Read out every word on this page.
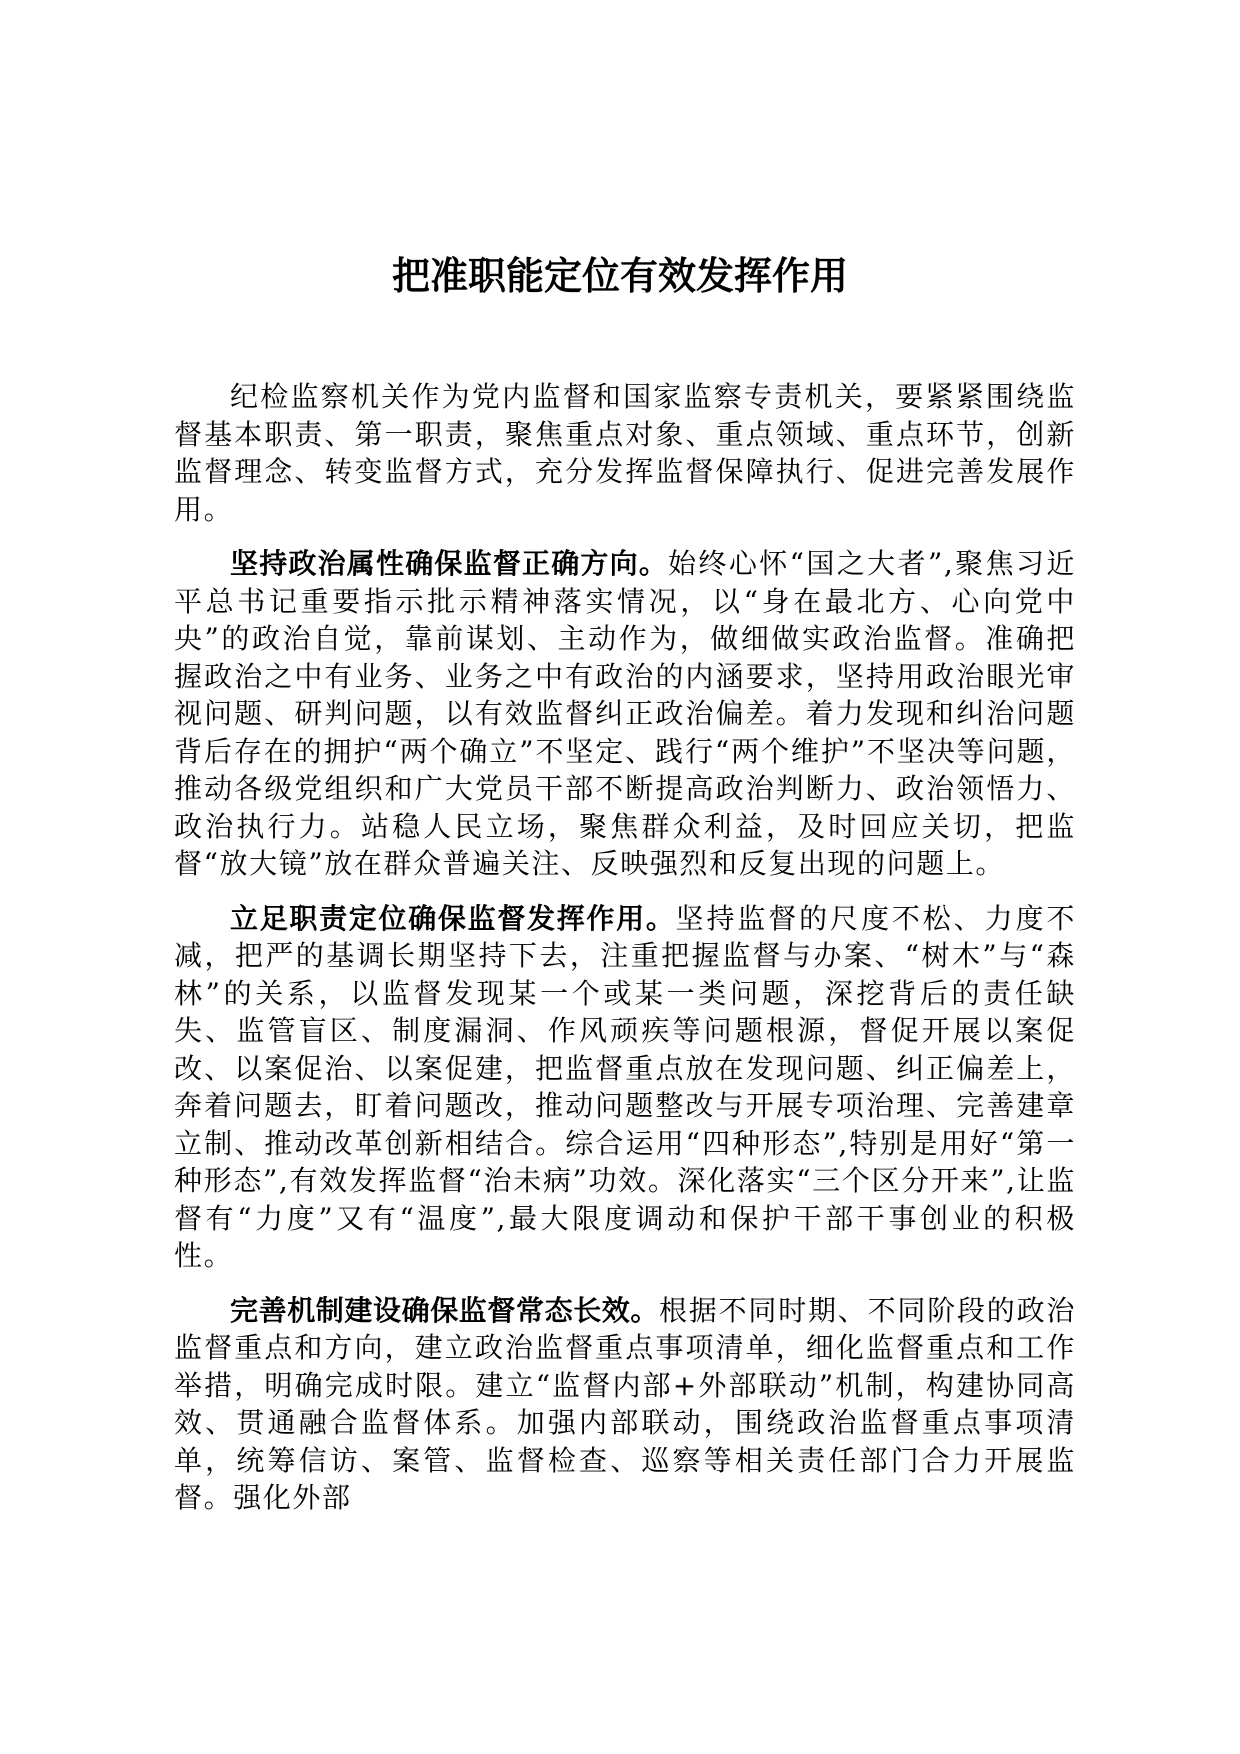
把准职能定位有效发挥作用

纪检监察机关作为党内监督和国家监察专责机关，要紧紧围绕监督基本职责、第一职责，聚焦重点对象、重点领域、重点环节，创新监督理念、转变监督方式，充分发挥监督保障执行、促进完善发展作用。

坚持政治属性确保监督正确方向。始终心怀“国之大者”,聚焦习近平总书记重要指示批示精神落实情况，以“身在最北方、心向党中央”的政治自觉，靠前谋划、主动作为，做细做实政治监督。准确把握政治之中有业务、业务之中有政治的内涵要求，坚持用政治眼光审视问题、研判问题，以有效监督纠正政治偏差。着力发现和纠治问题背后存在的拥护“两个确立”不坚定、践行“两个维护”不坚决等问题，推动各级党组织和广大党员干部不断提高政治判断力、政治领悟力、政治执行力。站稳人民立场，聚焦群众利益，及时回应关切，把监督“放大镜”放在群众普遍关注、反映强烈和反复出现的问题上。

立足职责定位确保监督发挥作用。坚持监督的尺度不松、力度不减，把严的基调长期坚持下去，注重把握监督与办案、“树木”与“森林”的关系，以监督发现某一个或某一类问题，深挖背后的责任缺失、监管盲区、制度漏洞、作风顽疾等问题根源，督促开展以案促改、以案促治、以案促建，把监督重点放在发现问题、纠正偏差上，奔着问题去，盯着问题改，推动问题整改与开展专项治理、完善建章立制、推动改革创新相结合。综合运用“四种形态”,特别是用好“第一种形态”,有效发挥监督“治未病”功效。深化落实“三个区分开来”,让监督有“力度”又有“温度”,最大限度调动和保护干部干事创业的积极性。

完善机制建设确保监督常态长效。根据不同时期、不同阶段的政治监督重点和方向，建立政治监督重点事项清单，细化监督重点和工作举措，明确完成时限。建立“监督内部+外部联动”机制，构建协同高效、贯通融合监督体系。加强内部联动，围绕政治监督重点事项清单，统筹信访、案管、监督检查、巡察等相关责任部门合力开展监督。强化外部
